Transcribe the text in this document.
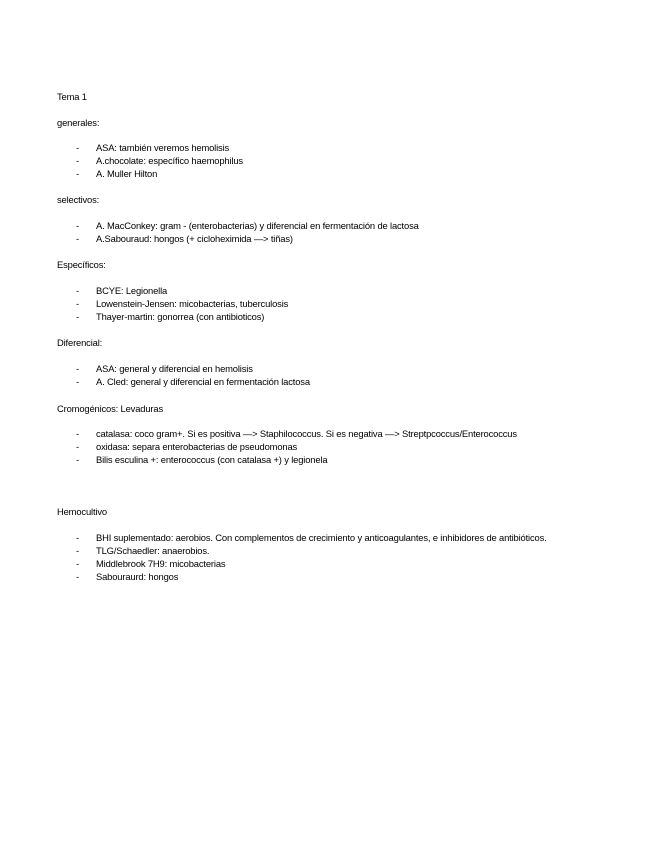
Tema 1
generales:
- ASA: también veremos hemolisis
- A.chocolate: específico haemophilus
- A. Muller Hilton
selectivos:
- A. MacConkey: gram - (enterobacterias) y diferencial en fermentación de lactosa
- A.Sabouraud: hongos (+ cicloheximida —> tiñas)
Específicos:
- BCYE: Legionella
- Lowenstein-Jensen: micobacterias, tuberculosis
- Thayer-martin: gonorrea (con antibioticos)
Diferencial:
- ASA: general y diferencial en hemolisis
- A. Cled: general y diferencial en fermentación lactosa
Cromogénicos: Levaduras
- catalasa: coco gram+. Si es positiva —> Staphilococcus. Si es negativa —> Streptpcoccus/Enterococcus
- oxidasa: separa enterobacterias de pseudomonas
- Bilis esculina +: enterococcus (con catalasa +) y legionela
Hemocultivo
- BHI suplementado: aerobios. Con complementos de crecimiento y anticoagulantes, e inhibidores de antibióticos.
- TLG/Schaedler: anaerobios.
- Middlebrook 7H9: micobacterias
- Sabouraurd: hongos
